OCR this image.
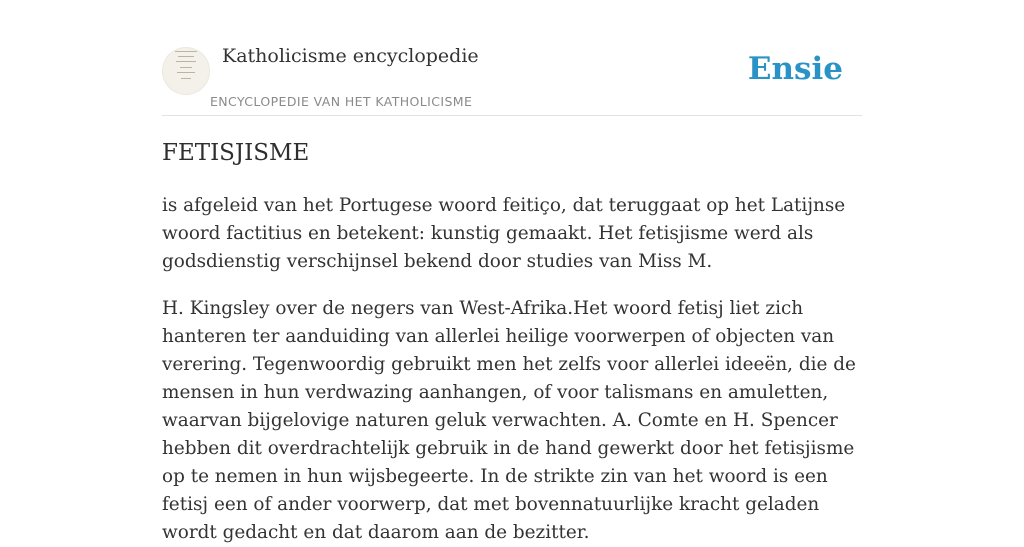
Katholicisme encyclopedie
ENCYCLOPEDIE VAN HET KATHOLICISME
Ensie
FETISJISME

is afgeleid van het Portugese woord feitiço, dat teruggaat op het Latijnse woord factitius en betekent: kunstig gemaakt. Het fetisjisme werd als godsdienstig verschijnsel bekend door studies van Miss M.

H. Kingsley over de negers van West-Afrika.Het woord fetisj liet zich hanteren ter aanduiding van allerlei heilige voorwerpen of objecten van verering. Tegenwoordig gebruikt men het zelfs voor allerlei ideeën, die de mensen in hun verdwazing aanhangen, of voor talismans en amuletten, waarvan bijgelovige naturen geluk verwachten. A. Comte en H. Spencer hebben dit overdrachtelijk gebruik in de hand gewerkt door het fetisjisme op te nemen in hun wijsbegeerte. In de strikte zin van het woord is een fetisj een of ander voorwerp, dat met bovennatuurlijke kracht geladen wordt gedacht en dat daarom aan de bezitter.
